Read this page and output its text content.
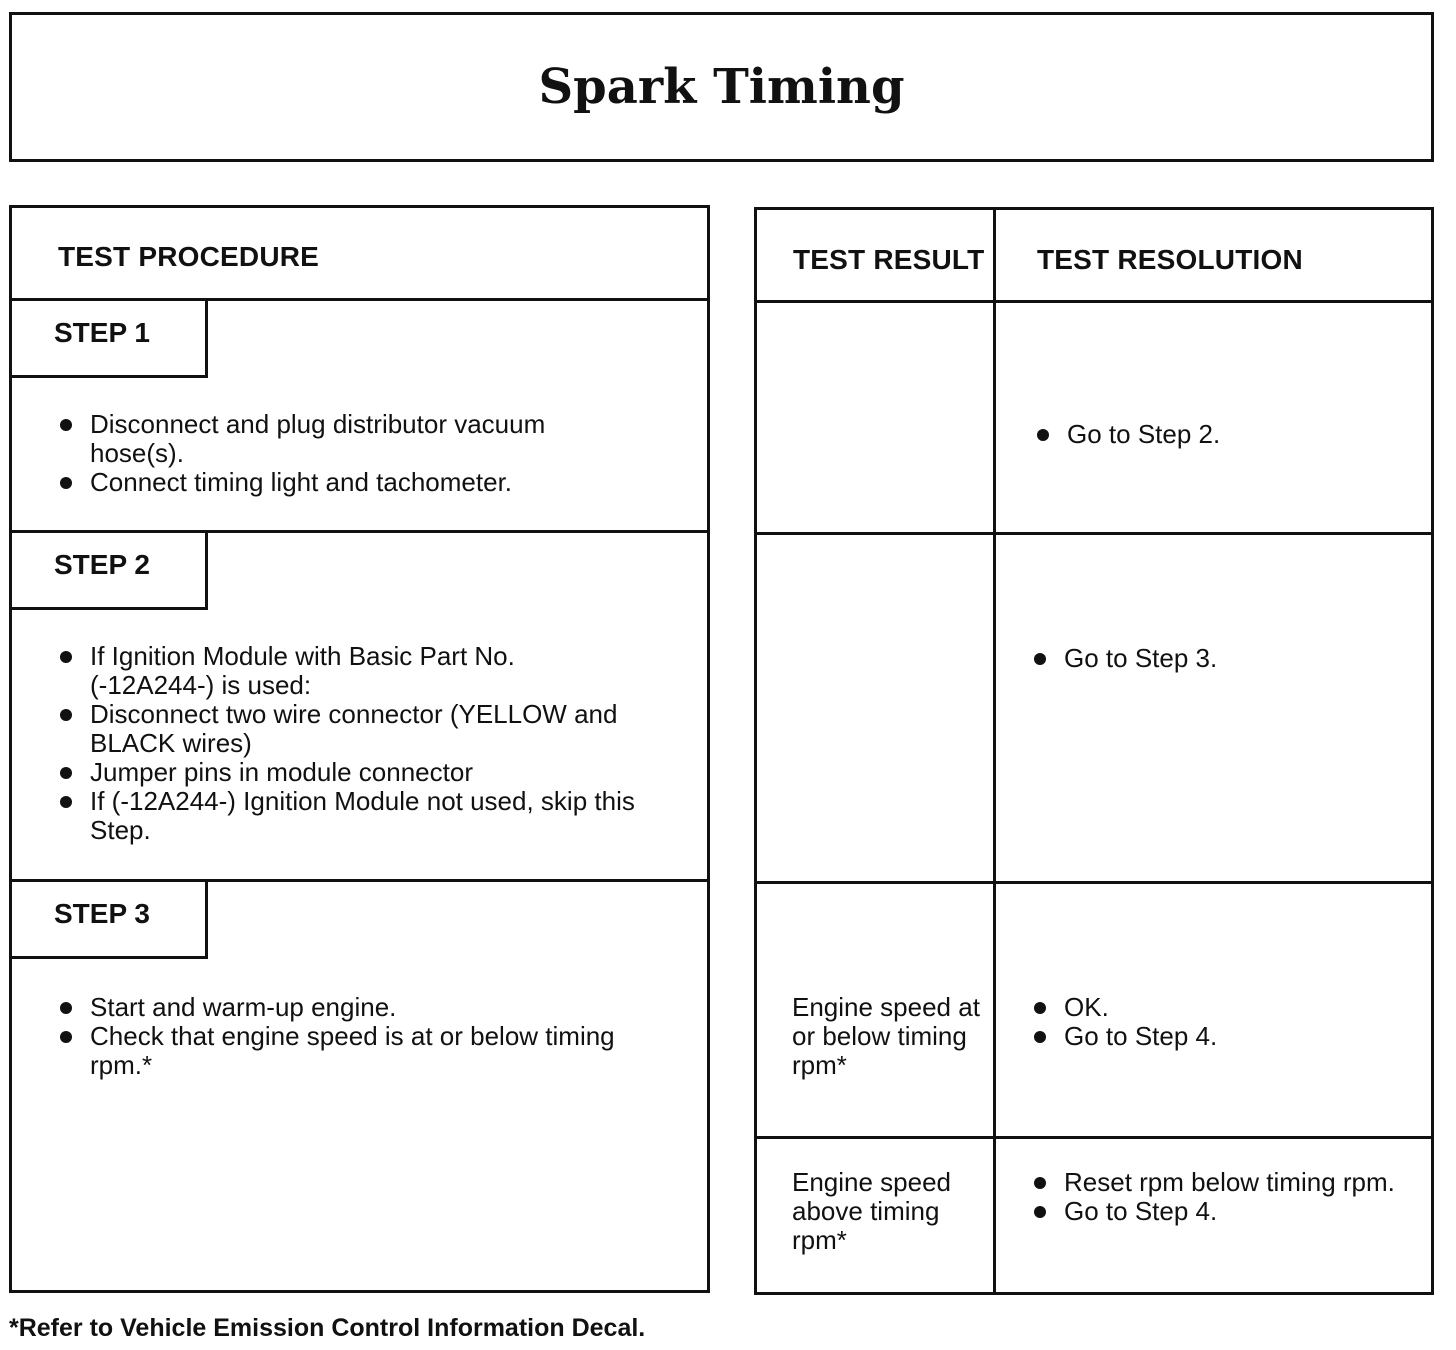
Spark Timing
TEST PROCEDURE
STEP 1
Disconnect and plug distributor vacuum hose(s).
Connect timing light and tachometer.
STEP 2
If Ignition Module with Basic Part No. (-12A244-) is used:
Disconnect two wire connector (YELLOW and BLACK wires)
Jumper pins in module connector
If (-12A244-) Ignition Module not used, skip this Step.
STEP 3
Start and warm-up engine.
Check that engine speed is at or below timing rpm.*
TEST RESULT TEST RESOLUTION
Go to Step 2.
Go to Step 3.
Engine speed at or below timing rpm*
OK.
Go to Step 4.
Engine speed above timing rpm*
Reset rpm below timing rpm.
Go to Step 4.
*Refer to Vehicle Emission Control Information Decal.
